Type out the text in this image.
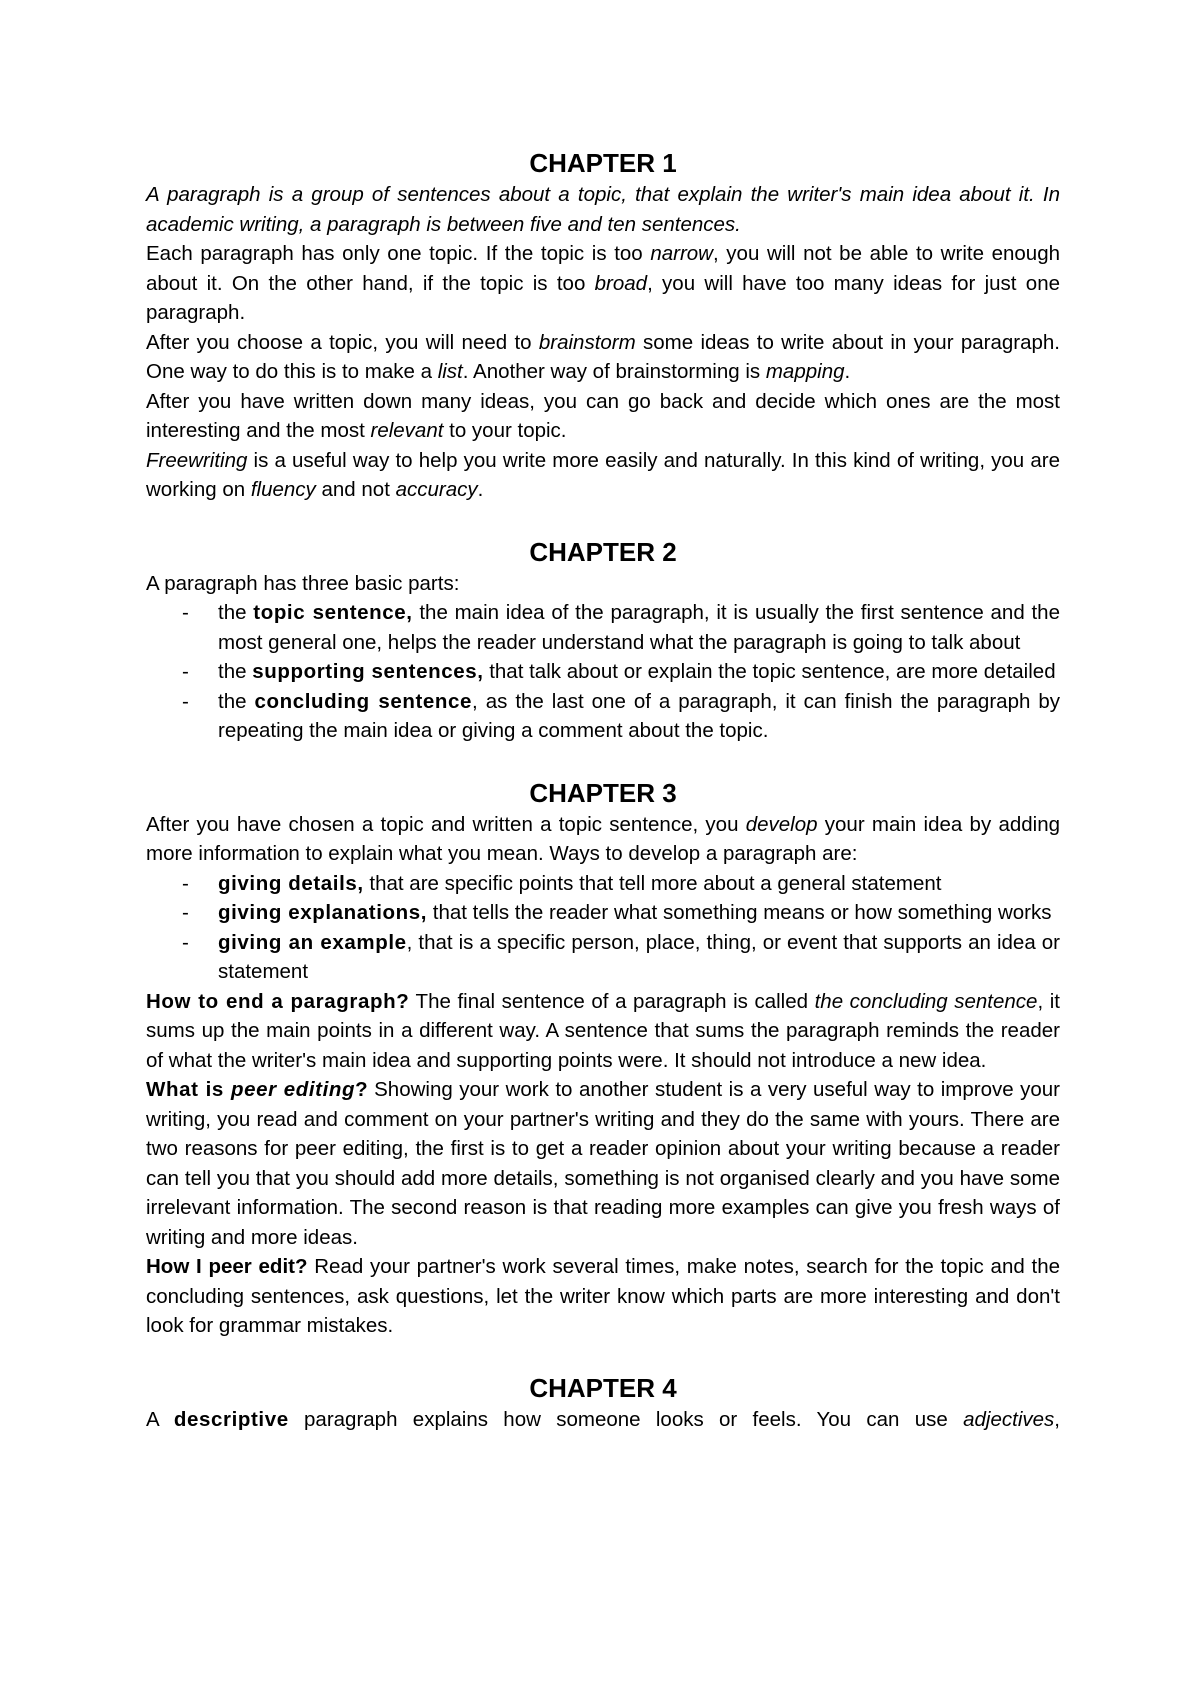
CHAPTER 1

A paragraph is a group of sentences about a topic, that explain the writer's main idea about it. In academic writing, a paragraph is between five and ten sentences.

Each paragraph has only one topic. If the topic is too narrow, you will not be able to write enough about it. On the other hand, if the topic is too broad, you will have too many ideas for just one paragraph.

After you choose a topic, you will need to brainstorm some ideas to write about in your paragraph. One way to do this is to make a list. Another way of brainstorming is mapping.

After you have written down many ideas, you can go back and decide which ones are the most interesting and the most relevant to your topic.

Freewriting is a useful way to help you write more easily and naturally. In this kind of writing, you are working on fluency and not accuracy.

CHAPTER 2

A paragraph has three basic parts:

- the topic sentence, the main idea of the paragraph, it is usually the first sentence and the most general one, helps the reader understand what the paragraph is going to talk about
- the supporting sentences, that talk about or explain the topic sentence, are more detailed
- the concluding sentence, as the last one of a paragraph, it can finish the paragraph by repeating the main idea or giving a comment about the topic.
CHAPTER 3

After you have chosen a topic and written a topic sentence, you develop your main idea by adding more information to explain what you mean. Ways to develop a paragraph are:

- giving details, that are specific points that tell more about a general statement
- giving explanations, that tells the reader what something means or how something works
- giving an example, that is a specific person, place, thing, or event that supports an idea or statement

How to end a paragraph? The final sentence of a paragraph is called the concluding sentence, it sums up the main points in a different way. A sentence that sums the paragraph reminds the reader of what the writer's main idea and supporting points were. It should not introduce a new idea.

What is peer editing? Showing your work to another student is a very useful way to improve your writing, you read and comment on your partner's writing and they do the same with yours. There are two reasons for peer editing, the first is to get a reader opinion about your writing because a reader can tell you that you should add more details, something is not organised clearly and you have some irrelevant information. The second reason is that reading more examples can give you fresh ways of writing and more ideas.

How I peer edit? Read your partner's work several times, make notes, search for the topic and the concluding sentences, ask questions, let the writer know which parts are more interesting and don't look for grammar mistakes.

CHAPTER 4

A descriptive paragraph explains how someone looks or feels. You can use adjectives,
